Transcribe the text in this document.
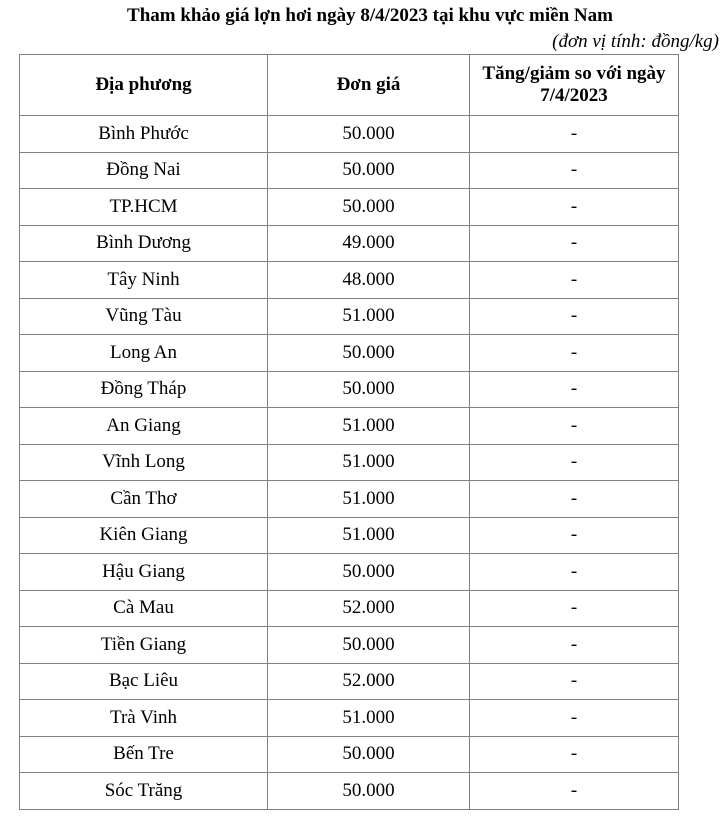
Tham khảo giá lợn hơi ngày 8/4/2023 tại khu vực miền Nam
(đơn vị tính: đồng/kg)
Địa phương	Đơn giá	Tăng/giảm so với ngày 7/4/2023

Bình Phước	50.000	-
Đồng Nai	50.000	-
TP.HCM	50.000	-
Bình Dương	49.000	-
Tây Ninh	48.000	-
Vũng Tàu	51.000	-
Long An	50.000	-
Đồng Tháp	50.000	-
An Giang	51.000	-
Vĩnh Long	51.000	-
Cần Thơ	51.000	-
Kiên Giang	51.000	-
Hậu Giang	50.000	-
Cà Mau	52.000	-
Tiền Giang	50.000	-
Bạc Liêu	52.000	-
Trà Vinh	51.000	-
Bến Tre	50.000	-
Sóc Trăng	50.000	-
